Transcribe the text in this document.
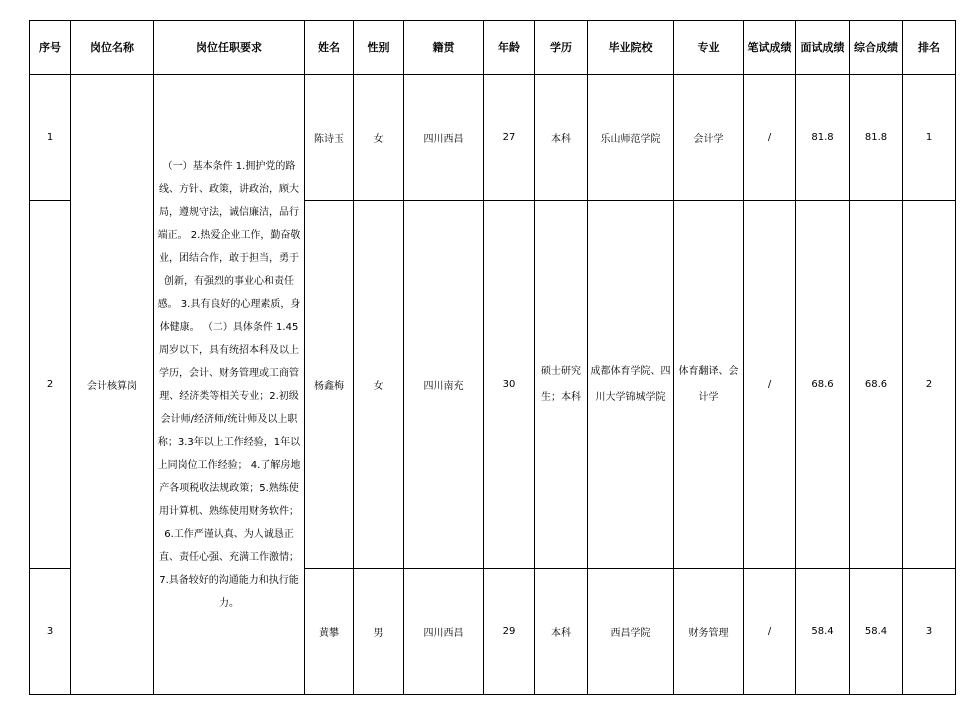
序号	岗位名称	岗位任职要求	姓名	性别	籍贯	年龄	学历	毕业院校	专业	笔试成绩	面试成绩	综合成绩	排名
1	会计核算岗	（一）基本条件 1.拥护党的路线、方针、政策，讲政治，顾大局，遵规守法，诚信廉洁，品行端正。 2.热爱企业工作，勤奋敬业，团结合作，敢于担当，勇于创新，有强烈的事业心和责任感。 3.具有良好的心理素质，身体健康。 （二）具体条件 1.45周岁以下，具有统招本科及以上学历，会计、财务管理或工商管理、经济类等相关专业；2.初级会计师/经济师/统计师及以上职称；3.3年以上工作经验，1年以上同岗位工作经验； 4.了解房地产各项税收法规政策；5.熟练使用计算机、熟练使用财务软件； 6.工作严谨认真、为人诚恳正直、责任心强、充满工作激情； 7.具备较好的沟通能力和执行能力。	陈诗玉	女	四川西昌	27	本科	乐山师范学院	会计学	/	81.8	81.8	1
2			杨鑫梅	女	四川南充	30	硕士研究生；本科	成都体育学院、四川大学锦城学院	体育翻译、会计学	/	68.6	68.6	2
3			黄攀	男	四川西昌	29	本科	西昌学院	财务管理	/	58.4	58.4	3
